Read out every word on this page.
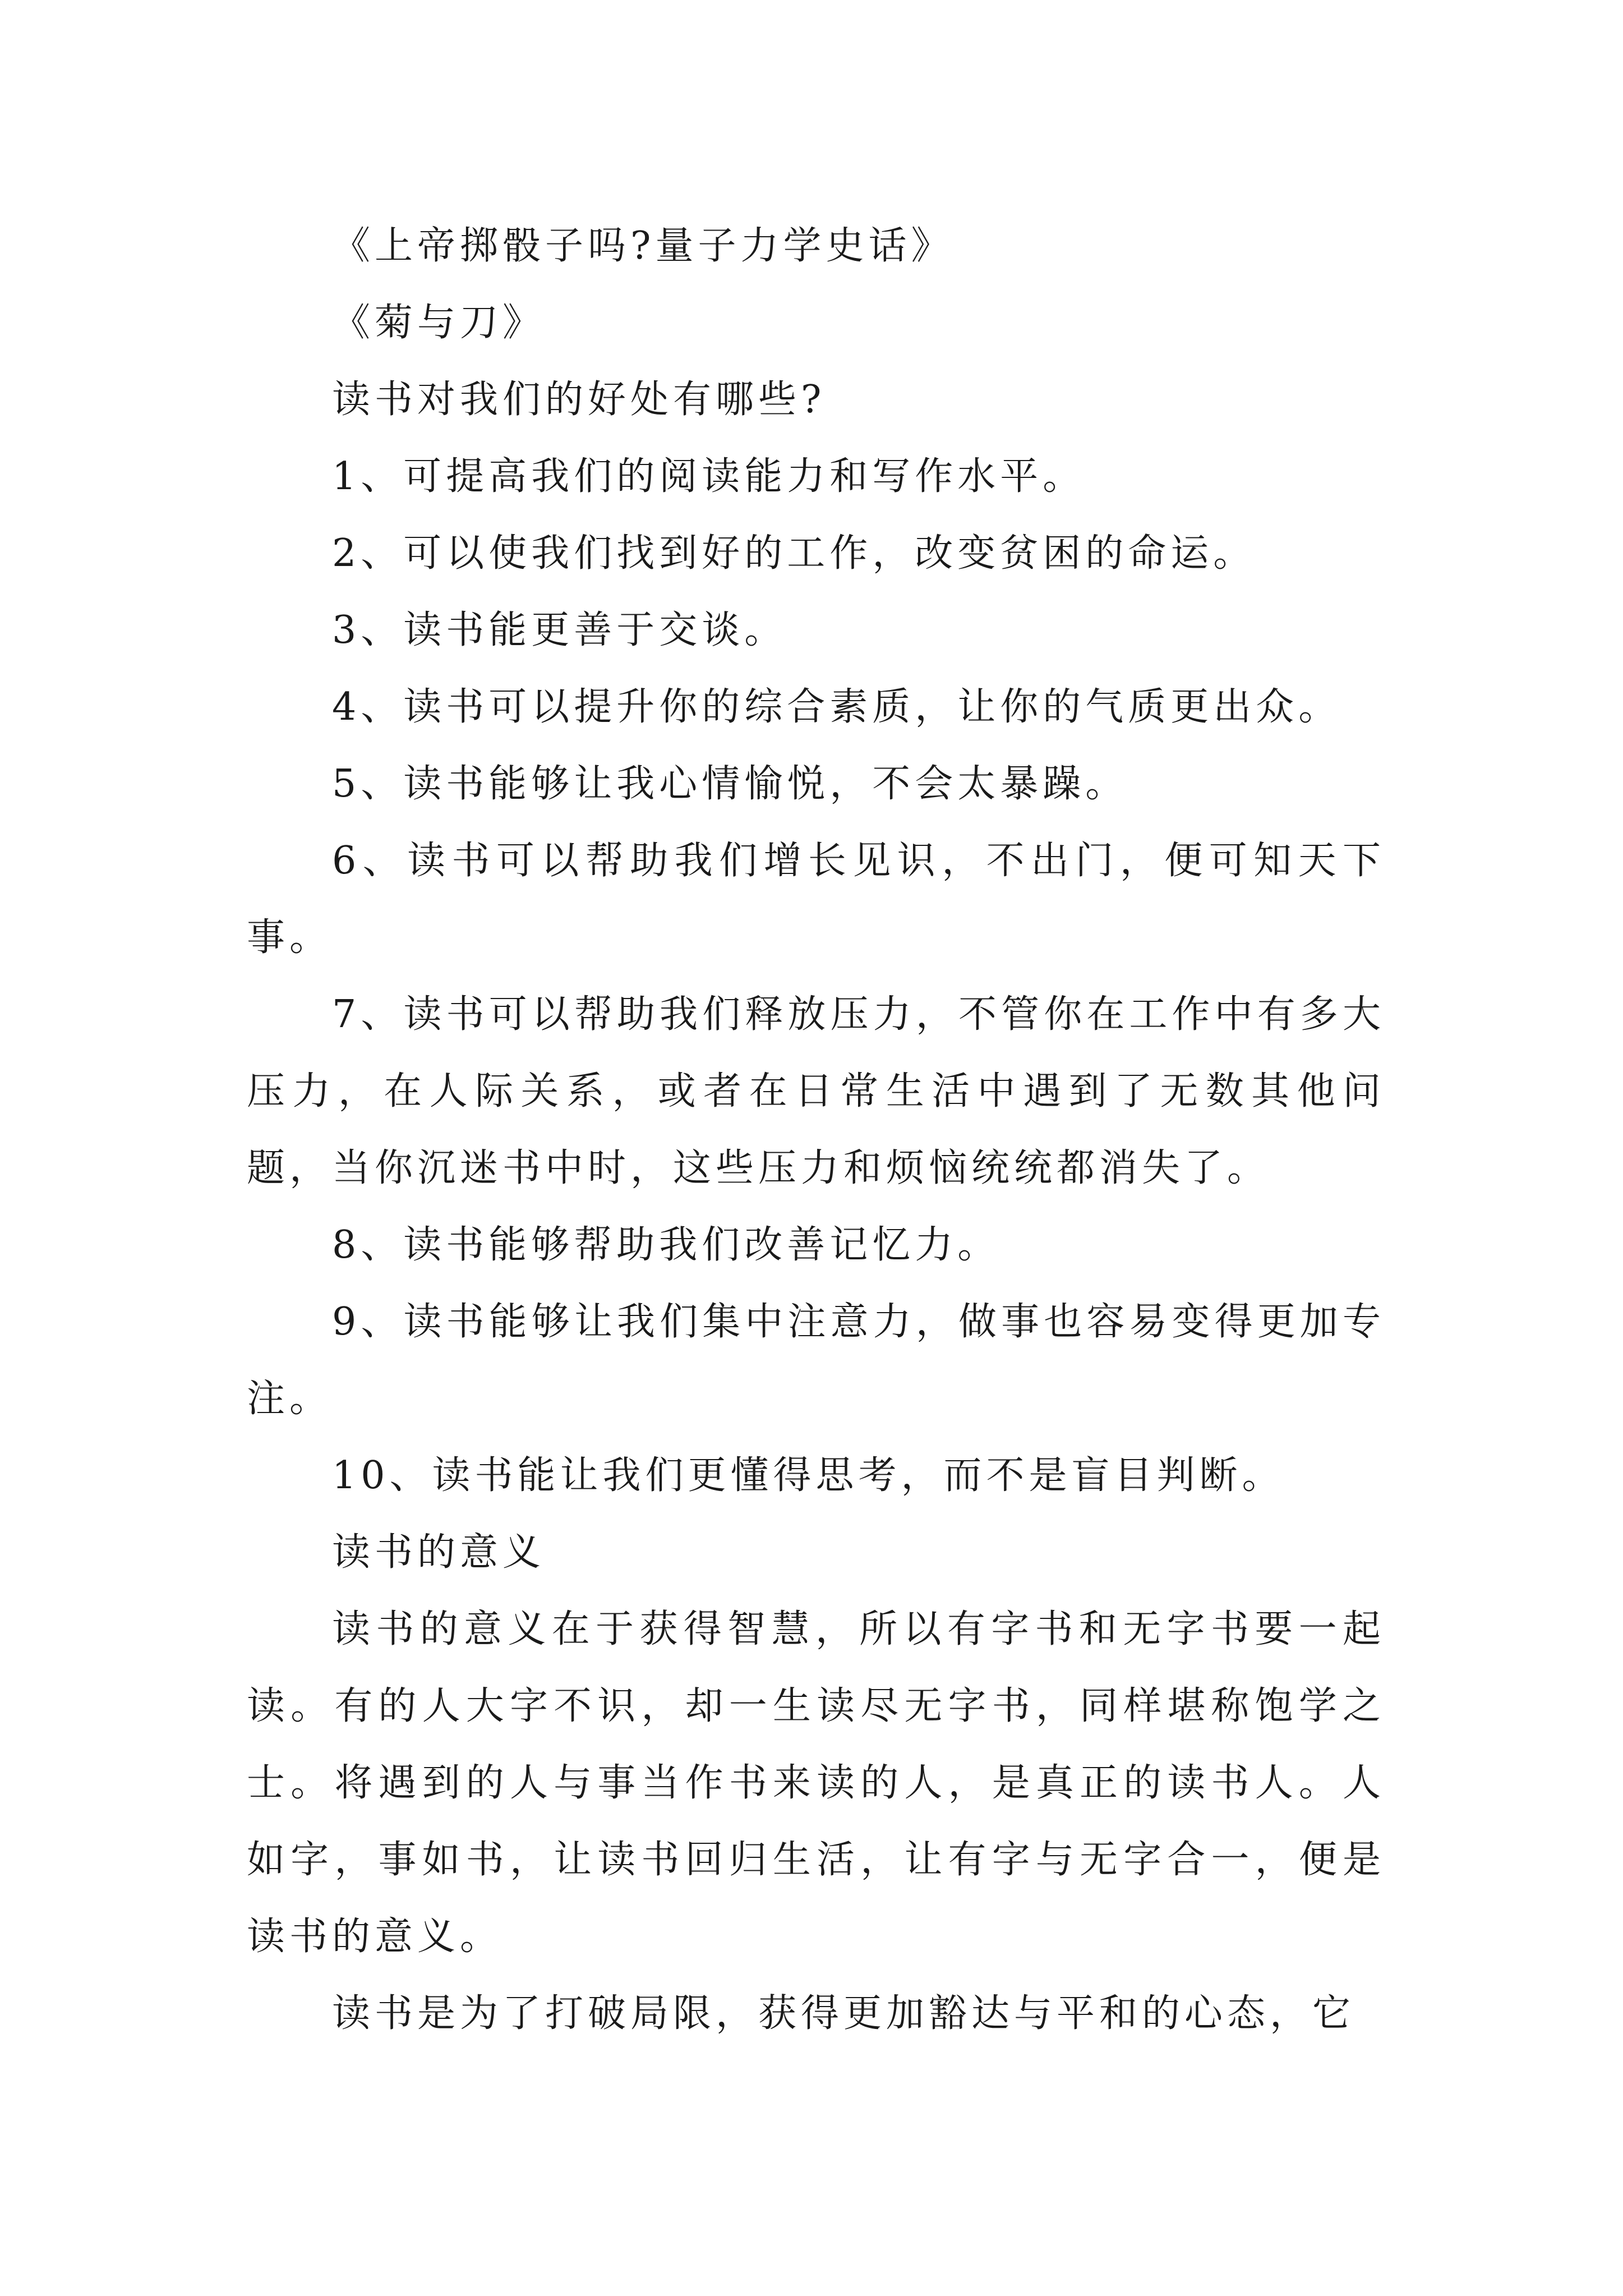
《上帝掷骰子吗?量子力学史话》

《菊与刀》

读书对我们的好处有哪些?

1、可提高我们的阅读能力和写作水平。

2、可以使我们找到好的工作，改变贫困的命运。

3、读书能更善于交谈。

4、读书可以提升你的综合素质，让你的气质更出众。

5、读书能够让我心情愉悦，不会太暴躁。

6、读书可以帮助我们增长见识，不出门，便可知天下事。

7、读书可以帮助我们释放压力，不管你在工作中有多大压力，在人际关系，或者在日常生活中遇到了无数其他问题，当你沉迷书中时，这些压力和烦恼统统都消失了。

8、读书能够帮助我们改善记忆力。

9、读书能够让我们集中注意力，做事也容易变得更加专注。

10、读书能让我们更懂得思考，而不是盲目判断。

读书的意义

读书的意义在于获得智慧，所以有字书和无字书要一起读。有的人大字不识，却一生读尽无字书，同样堪称饱学之士。将遇到的人与事当作书来读的人，是真正的读书人。人如字，事如书，让读书回归生活，让有字与无字合一，便是读书的意义。

读书是为了打破局限，获得更加豁达与平和的心态，它
